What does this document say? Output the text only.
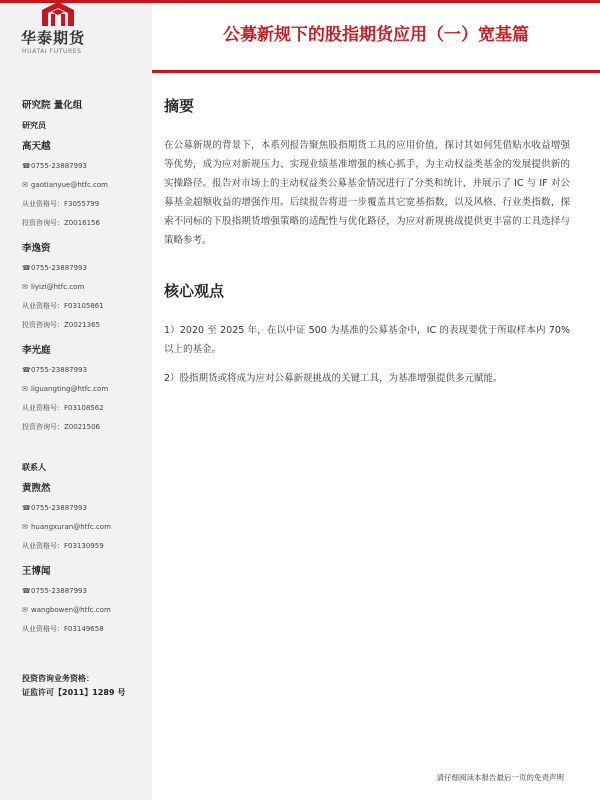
华泰期货
HUATAI FUTURES
公募新规下的股指期货应用（一）宽基篇
研究院 量化组
研究员
高天越
☎0755-23887993
✉ gaotianyue@htfc.com
从业资格号：F3055799
投资咨询号：Z0016156
李逸资
☎0755-23887993
✉ liyizi@htfc.com
从业资格号：F03105861
投资咨询号：Z0021365
李光庭
☎0755-23887993
✉ liguangting@htfc.com
从业资格号：F03108562
投资咨询号：Z0021506
联系人
黄煦然
☎0755-23887993
✉ huangxuran@htfc.com
从业资格号：F03130959
王博闻
☎0755-23887993
✉ wangbowen@htfc.com
从业资格号：F03149658
投资咨询业务资格：
证监许可【2011】1289 号
摘要

在公募新规的背景下，本系列报告聚焦股指期货工具的应用价值，探讨其如何凭借贴水收益增强等优势，成为应对新规压力、实现业绩基准增强的核心抓手，为主动权益类基金的发展提供新的实操路径。报告对市场上的主动权益类公募基金情况进行了分类和统计，并展示了 IC 与 IF 对公募基金超额收益的增强作用。后续报告将进一步覆盖其它宽基指数，以及风格、行业类指数，探索不同标的下股指期货增强策略的适配性与优化路径，为应对新规挑战提供更丰富的工具选择与策略参考。

核心观点

1）2020 至 2025 年，在以中证 500 为基准的公募基金中，IC 的表现要优于所取样本内 70%以上的基金。

2）股指期货或将成为应对公募新规挑战的关键工具，为基准增强提供多元赋能。

请仔细阅读本报告最后一页的免责声明
